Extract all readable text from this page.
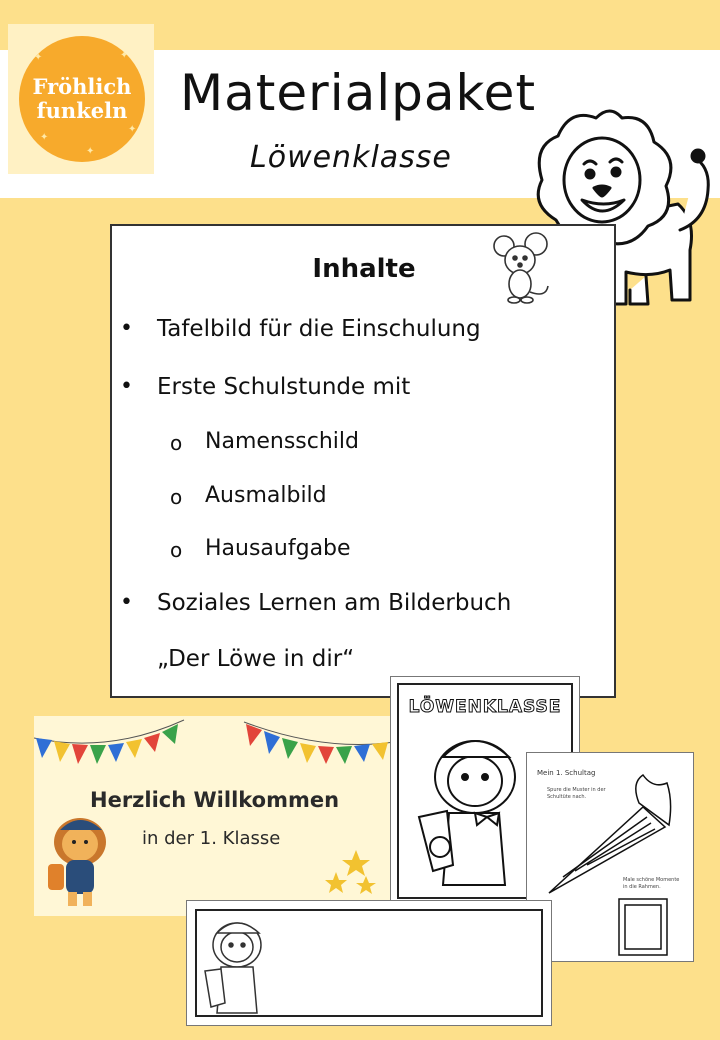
Fröhlich
funkeln
✦	✦
✦
✦
✦
Materialpaket
Löwenklasse
Inhalte
• Tafelbild für die Einschulung
• Erste Schulstunde mit
o Namensschild
o Ausmalbild
o Hausaufgabe
• Soziales Lernen am Bilderbuch
„Der Löwe in dir“
Herzlich Willkommen
in der 1. Klasse
LÖWENKLASSE
Mein 1. Schultag
Spure die Muster in der Schultüte nach.
Male schöne Momente in die Rahmen.
